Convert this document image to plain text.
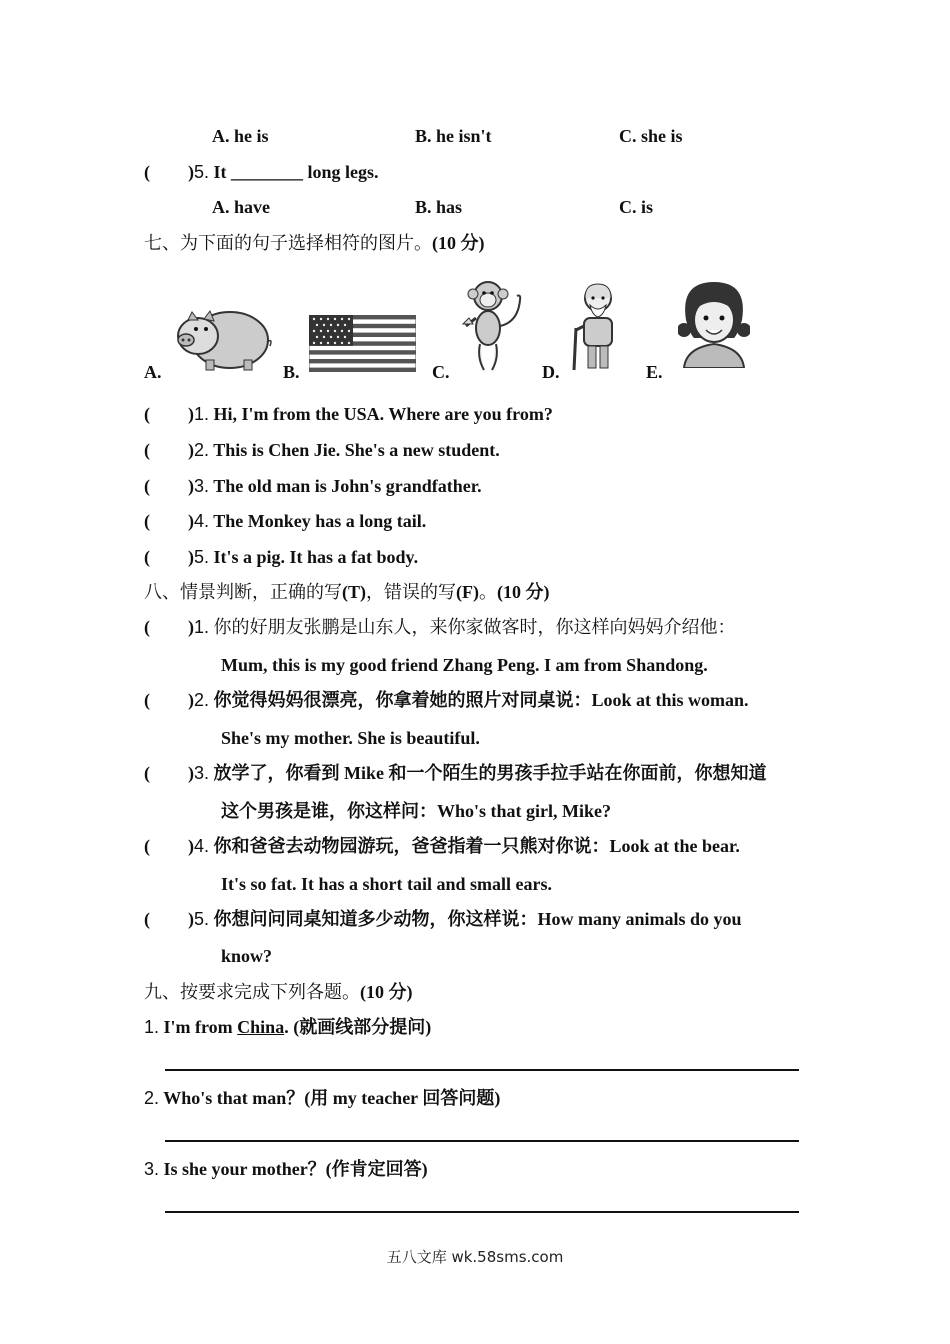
A. he is	B. he isn't	C. she is
( )5. It ________ long legs.
A. have	B. has	C. is
七、为下面的句子选择相符的图片。(10 分)
A.	B.	C.	D.	E.
( )1. Hi, I'm from the USA. Where are you from?
( )2. This is Chen Jie. She's a new student.
( )3. The old man is John's grandfather.
( )4. The Monkey has a long tail.
( )5. It's a pig. It has a fat body.
八、情景判断，正确的写(T)，错误的写(F)。(10 分)
( )1. 你的好朋友张鹏是山东人，来你家做客时，你这样向妈妈介绍他：
Mum, this is my good friend Zhang Peng. I am from Shandong.
( )2. 你觉得妈妈很漂亮，你拿着她的照片对同桌说：Look at this woman.
She's my mother. She is beautiful.
( )3. 放学了，你看到 Mike 和一个陌生的男孩手拉手站在你面前，你想知道
这个男孩是谁，你这样问：Who's that girl, Mike?
( )4. 你和爸爸去动物园游玩，爸爸指着一只熊对你说：Look at the bear.
It's so fat. It has a short tail and small ears.
( )5. 你想问问同桌知道多少动物，你这样说：How many animals do you
know?
九、按要求完成下列各题。(10 分)
1. I'm from China. (就画线部分提问)
2. Who's that man？(用 my teacher 回答问题)
3. Is she your mother？(作肯定回答)
五八文库 wk.58sms.com
